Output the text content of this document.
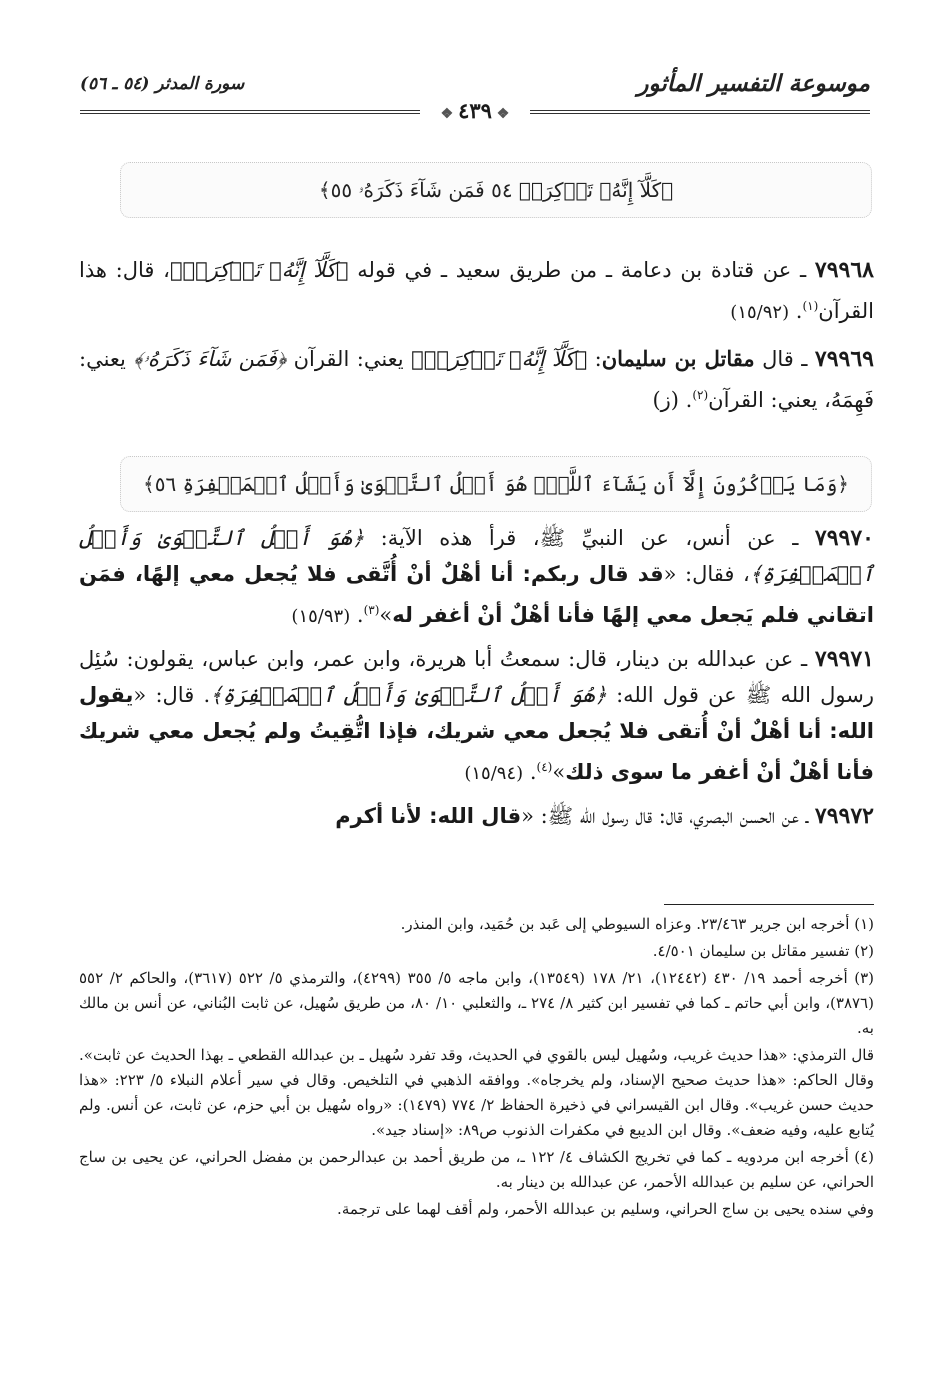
موسوعة التفسير المأثور
سورة المدثر (٥٤ ـ ٥٦)
❖ ٤٣٩ ❖
﴿كَلَّآ إِنَّهُۥ تَذۡكِرَةٞ ٥٤ فَمَن شَآءَ ذَكَرَهُۥ ٥٥﴾

٧٩٩٦٨ ـ عن قتادة بن دعامة ـ من طريق سعيد ـ في قوله ﴿كَلَّآ إِنَّهُۥ تَذۡكِرَةٞ﴾، قال: هذا القرآن$^{(١)}$. (١٥/٩٢)

٧٩٩٦٩ ـ قال مقاتل بن سليمان: ﴿كَلَّآ إِنَّهُۥ تَذۡكِرَةٞ﴾ يعني: القرآن ﴿فَمَن شَآءَ ذَكَرَهُۥ﴾ يعني: فَهِمَهُ، يعني: القرآن$^{(٢)}$. (ز)

﴿وَمَا يَذۡكُرُونَ إِلَّآ أَن يَشَآءَ ٱللَّهُۚ هُوَ أَهۡلُ ٱلتَّقۡوَىٰ وَأَهۡلُ ٱلۡمَغۡفِرَةِ ٥٦﴾

٧٩٩٧٠ ـ عن أنس، عن النبيِّ ﷺ، قرأ هذه الآية: ﴿هُوَ أَهۡلُ ٱلتَّقۡوَىٰ وَأَهۡلُ ٱلۡمَغۡفِرَةِ﴾، فقال: «قد قال ربكم: أنا أهْلٌ أنْ أُتَّقى فلا يُجعل معي إلهًا، فمَن اتقاني فلم يَجعل معي إلهًا فأنا أهْلٌ أنْ أغفر له»$^{(٣)}$. (١٥/٩٣)

٧٩٩٧١ ـ عن عبدالله بن دينار، قال: سمعتُ أبا هريرة، وابن عمر، وابن عباس، يقولون: سُئِل رسول الله ﷺ عن قول الله: ﴿هُوَ أَهۡلُ ٱلتَّقۡوَىٰ وَأَهۡلُ ٱلۡمَغۡفِرَةِ﴾. قال: «يقول الله: أنا أهْلٌ أنْ أُتقى فلا يُجعل معي شريك، فإذا اتُّقِيتُ ولم يُجعل معي شريك فأنا أهْلٌ أنْ أغفر ما سوى ذلك»$^{(٤)}$. (١٥/٩٤)

٧٩٩٧٢ ـ عن الحسن البصري، قال: قال رسول الله ﷺ: «قال الله: لأنا أكرم

(١) أخرجه ابن جرير ٢٣/٤٦٣. وعزاه السيوطي إلى عَبد بن حُمَيد، وابن المنذر.

(٢) تفسير مقاتل بن سليمان ٤/٥٠١.

(٣) أخرجه أحمد ١٩/ ٤٣٠ (١٢٤٤٢)، ٢١/ ١٧٨ (١٣٥٤٩)، وابن ماجه ٥/ ٣٥٥ (٤٢٩٩)، والترمذي ٥/ ٥٢٢ (٣٦١٧)، والحاكم ٢/ ٥٥٢ (٣٨٧٦)، وابن أبي حاتم ـ كما في تفسير ابن كثير ٨/ ٢٧٤ ـ، والثعلبي ١٠/ ٨٠، من طريق سُهيل، عن ثابت البُناني، عن أنس بن مالك به.

قال الترمذي: «هذا حديث غريب، وسُهيل ليس بالقوي في الحديث، وقد تفرد سُهيل ـ بن عبدالله القطعي ـ بهذا الحديث عن ثابت». وقال الحاكم: «هذا حديث صحيح الإسناد، ولم يخرجاه». ووافقه الذهبي في التلخيص. وقال في سير أعلام النبلاء ٥/ ٢٢٣: «هذا حديث حسن غريب». وقال ابن القيسراني في ذخيرة الحفاظ ٢/ ٧٧٤ (١٤٧٩): «رواه سُهيل بن أبي حزم، عن ثابت، عن أنس. ولم يُتابع عليه، وفيه ضعف». وقال ابن الديبع في مكفرات الذنوب ص٨٩: «إسناد جيد».

(٤) أخرجه ابن مردويه ـ كما في تخريج الكشاف ٤/ ١٢٢ ـ، من طريق أحمد بن عبدالرحمن بن مفضل الحراني، عن يحيى بن ساج الحراني، عن سليم بن عبدالله الأحمر، عن عبدالله بن دينار به.

وفي سنده يحيى بن ساج الحراني، وسليم بن عبدالله الأحمر، ولم أقف لهما على ترجمة.
